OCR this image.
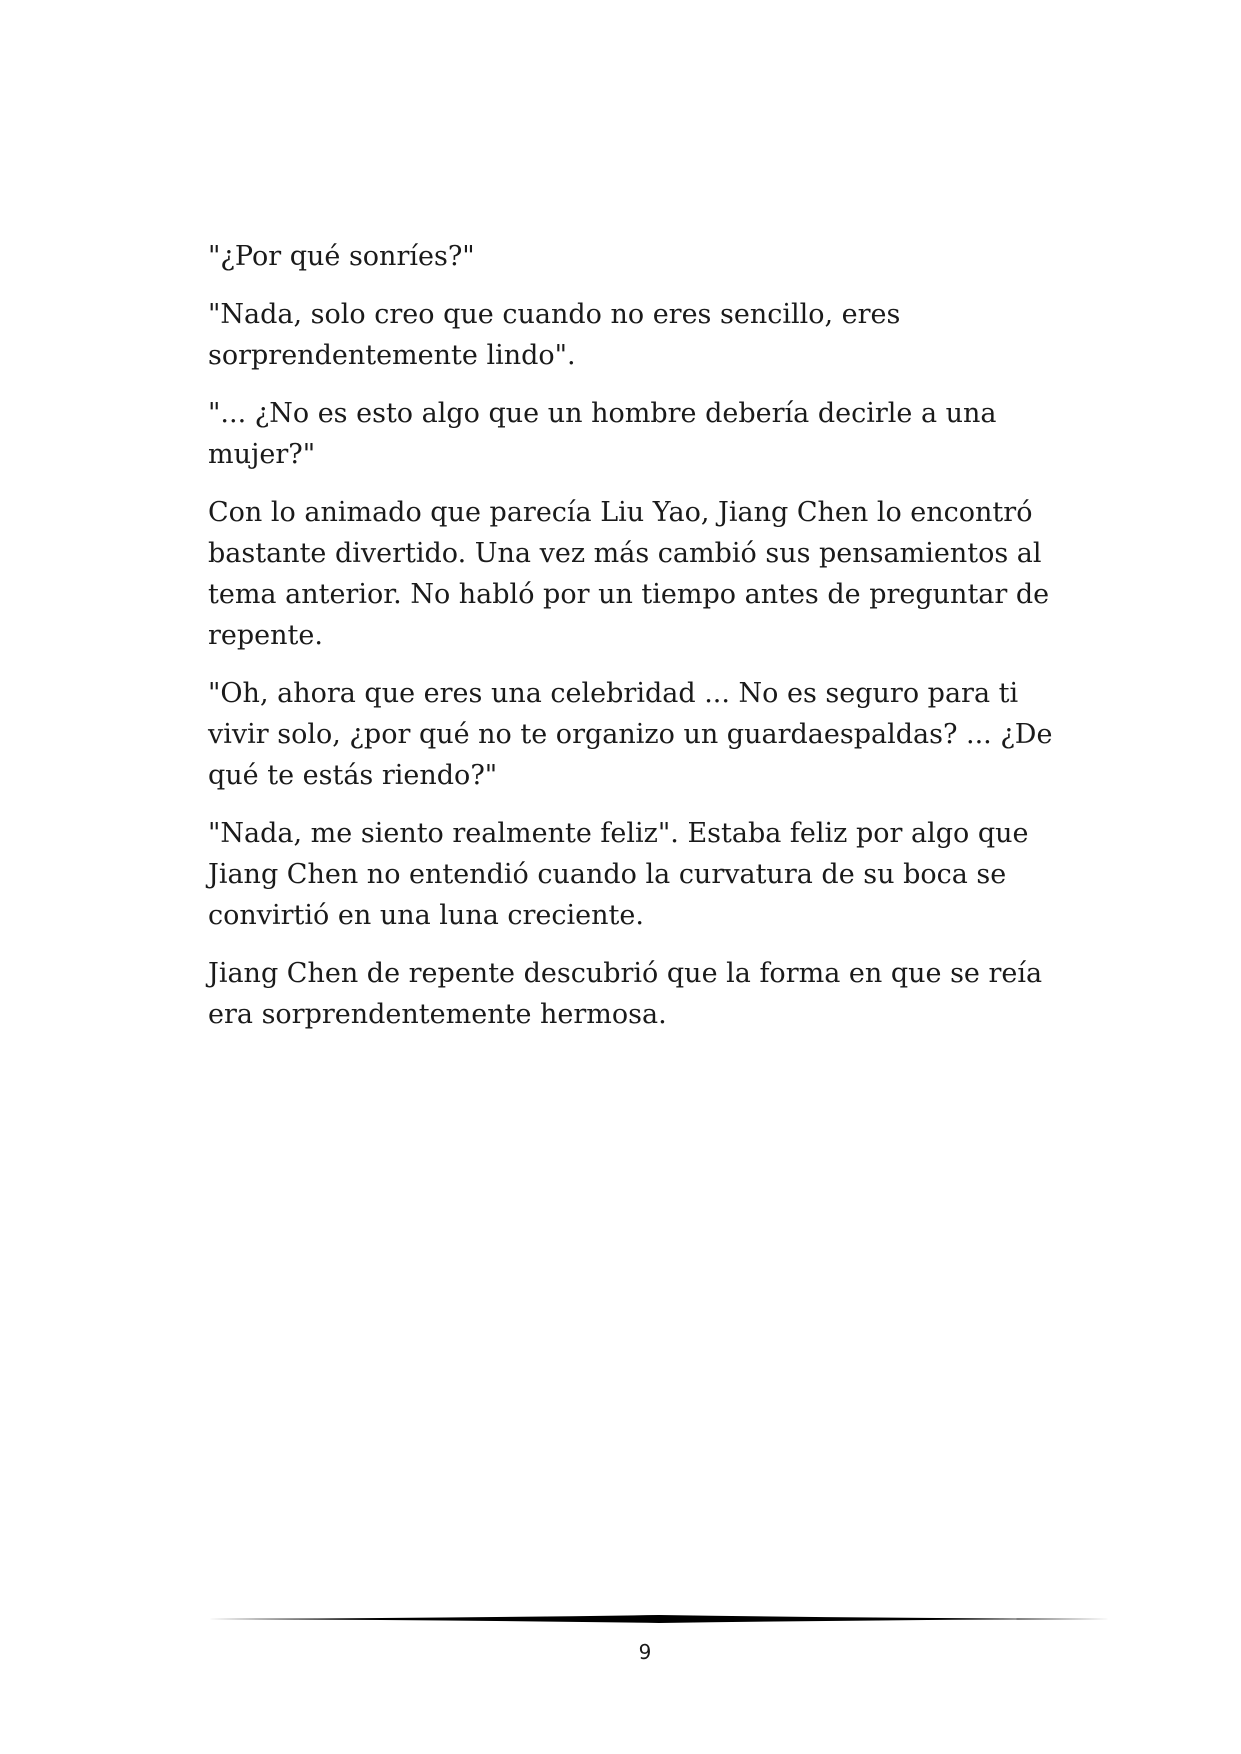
"¿Por qué sonríes?"

"Nada, solo creo que cuando no eres sencillo, eres sorprendentemente lindo".

"... ¿No es esto algo que un hombre debería decirle a una mujer?"

Con lo animado que parecía Liu Yao, Jiang Chen lo encontró bastante divertido. Una vez más cambió sus pensamientos al tema anterior. No habló por un tiempo antes de preguntar de repente.

"Oh, ahora que eres una celebridad ... No es seguro para ti vivir solo, ¿por qué no te organizo un guardaespaldas? ... ¿De qué te estás riendo?"

"Nada, me siento realmente feliz". Estaba feliz por algo que Jiang Chen no entendió cuando la curvatura de su boca se convirtió en una luna creciente.

Jiang Chen de repente descubrió que la forma en que se reía era sorprendentemente hermosa.

9
